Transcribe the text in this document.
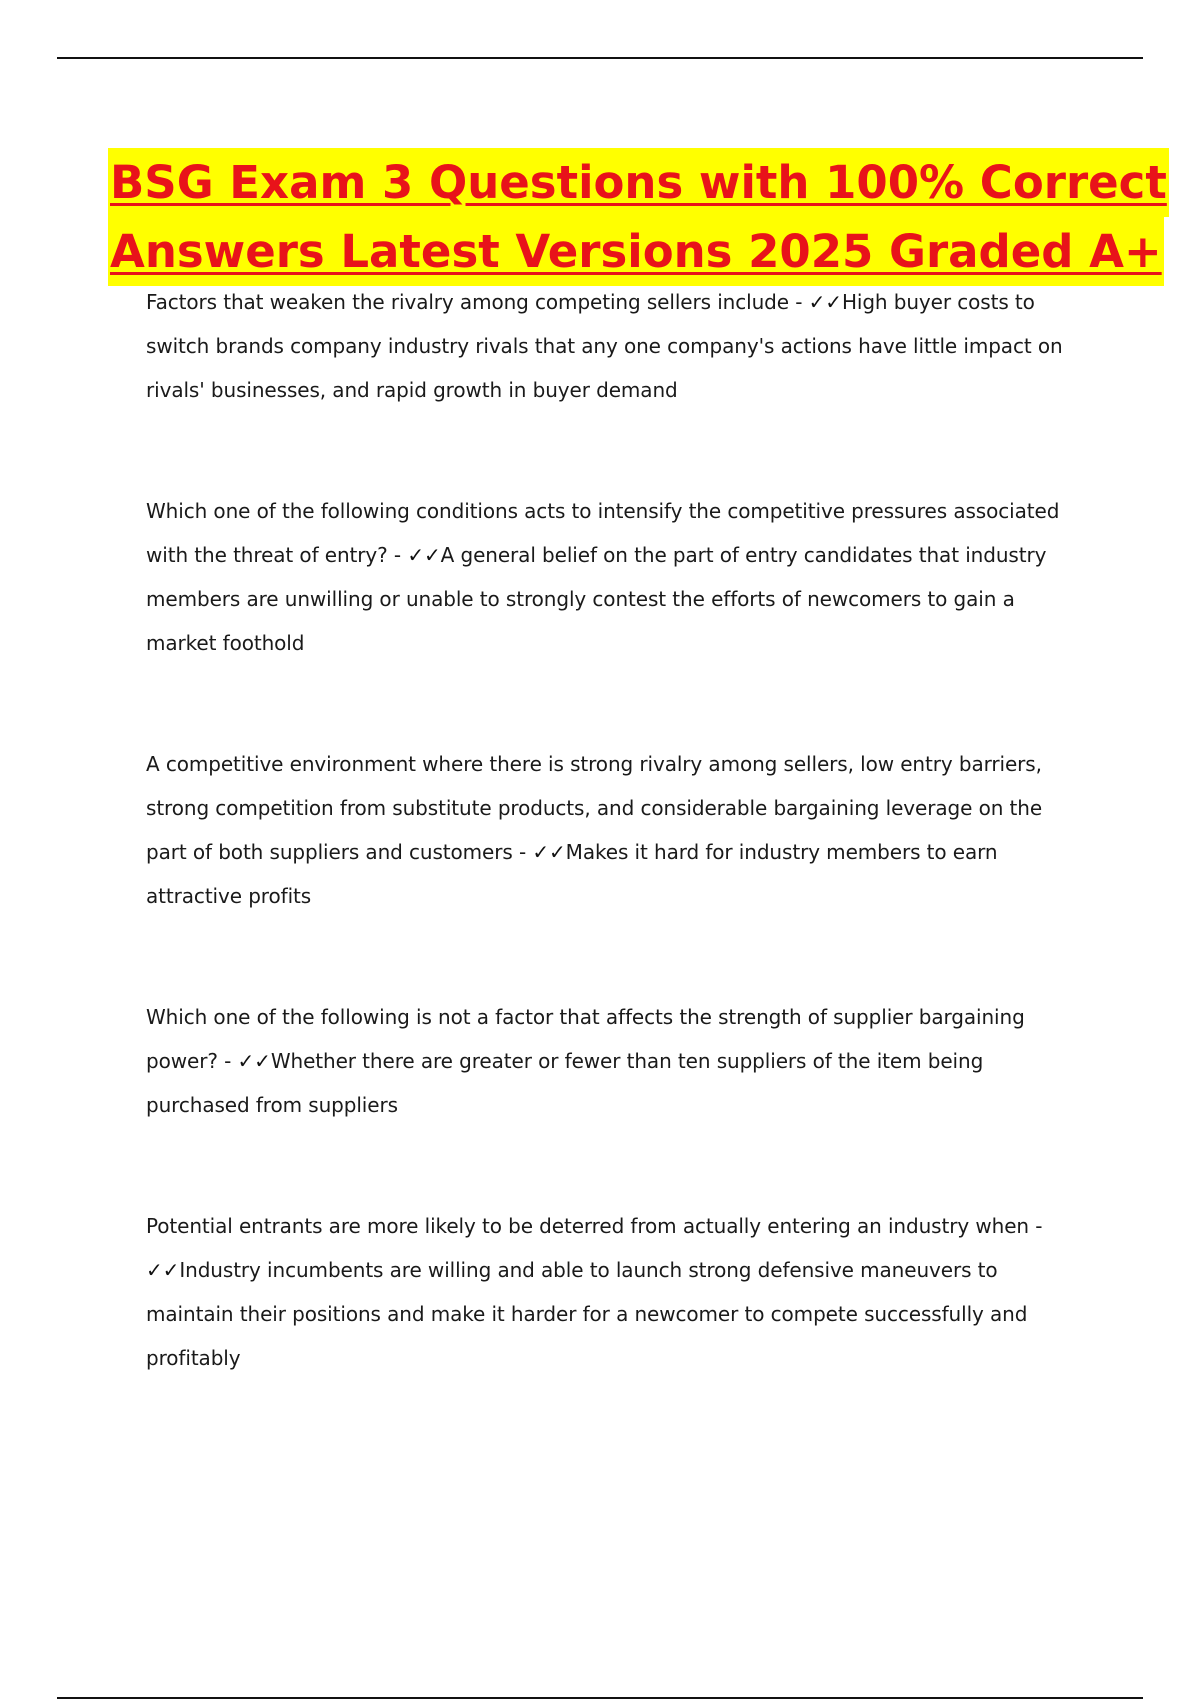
BSG Exam 3 Questions with 100% Correct
Answers Latest Versions 2025 Graded A+

Factors that weaken the rivalry among competing sellers include - ✓✓High buyer costs to switch brands company industry rivals that any one company's actions have little impact on rivals' businesses, and rapid growth in buyer demand

Which one of the following conditions acts to intensify the competitive pressures associated with the threat of entry? - ✓✓A general belief on the part of entry candidates that industry members are unwilling or unable to strongly contest the efforts of newcomers to gain a market foothold

A competitive environment where there is strong rivalry among sellers, low entry barriers, strong competition from substitute products, and considerable bargaining leverage on the part of both suppliers and customers - ✓✓Makes it hard for industry members to earn attractive profits

Which one of the following is not a factor that affects the strength of supplier bargaining power? - ✓✓Whether there are greater or fewer than ten suppliers of the item being purchased from suppliers

Potential entrants are more likely to be deterred from actually entering an industry when - ✓✓Industry incumbents are willing and able to launch strong defensive maneuvers to maintain their positions and make it harder for a newcomer to compete successfully and profitably
